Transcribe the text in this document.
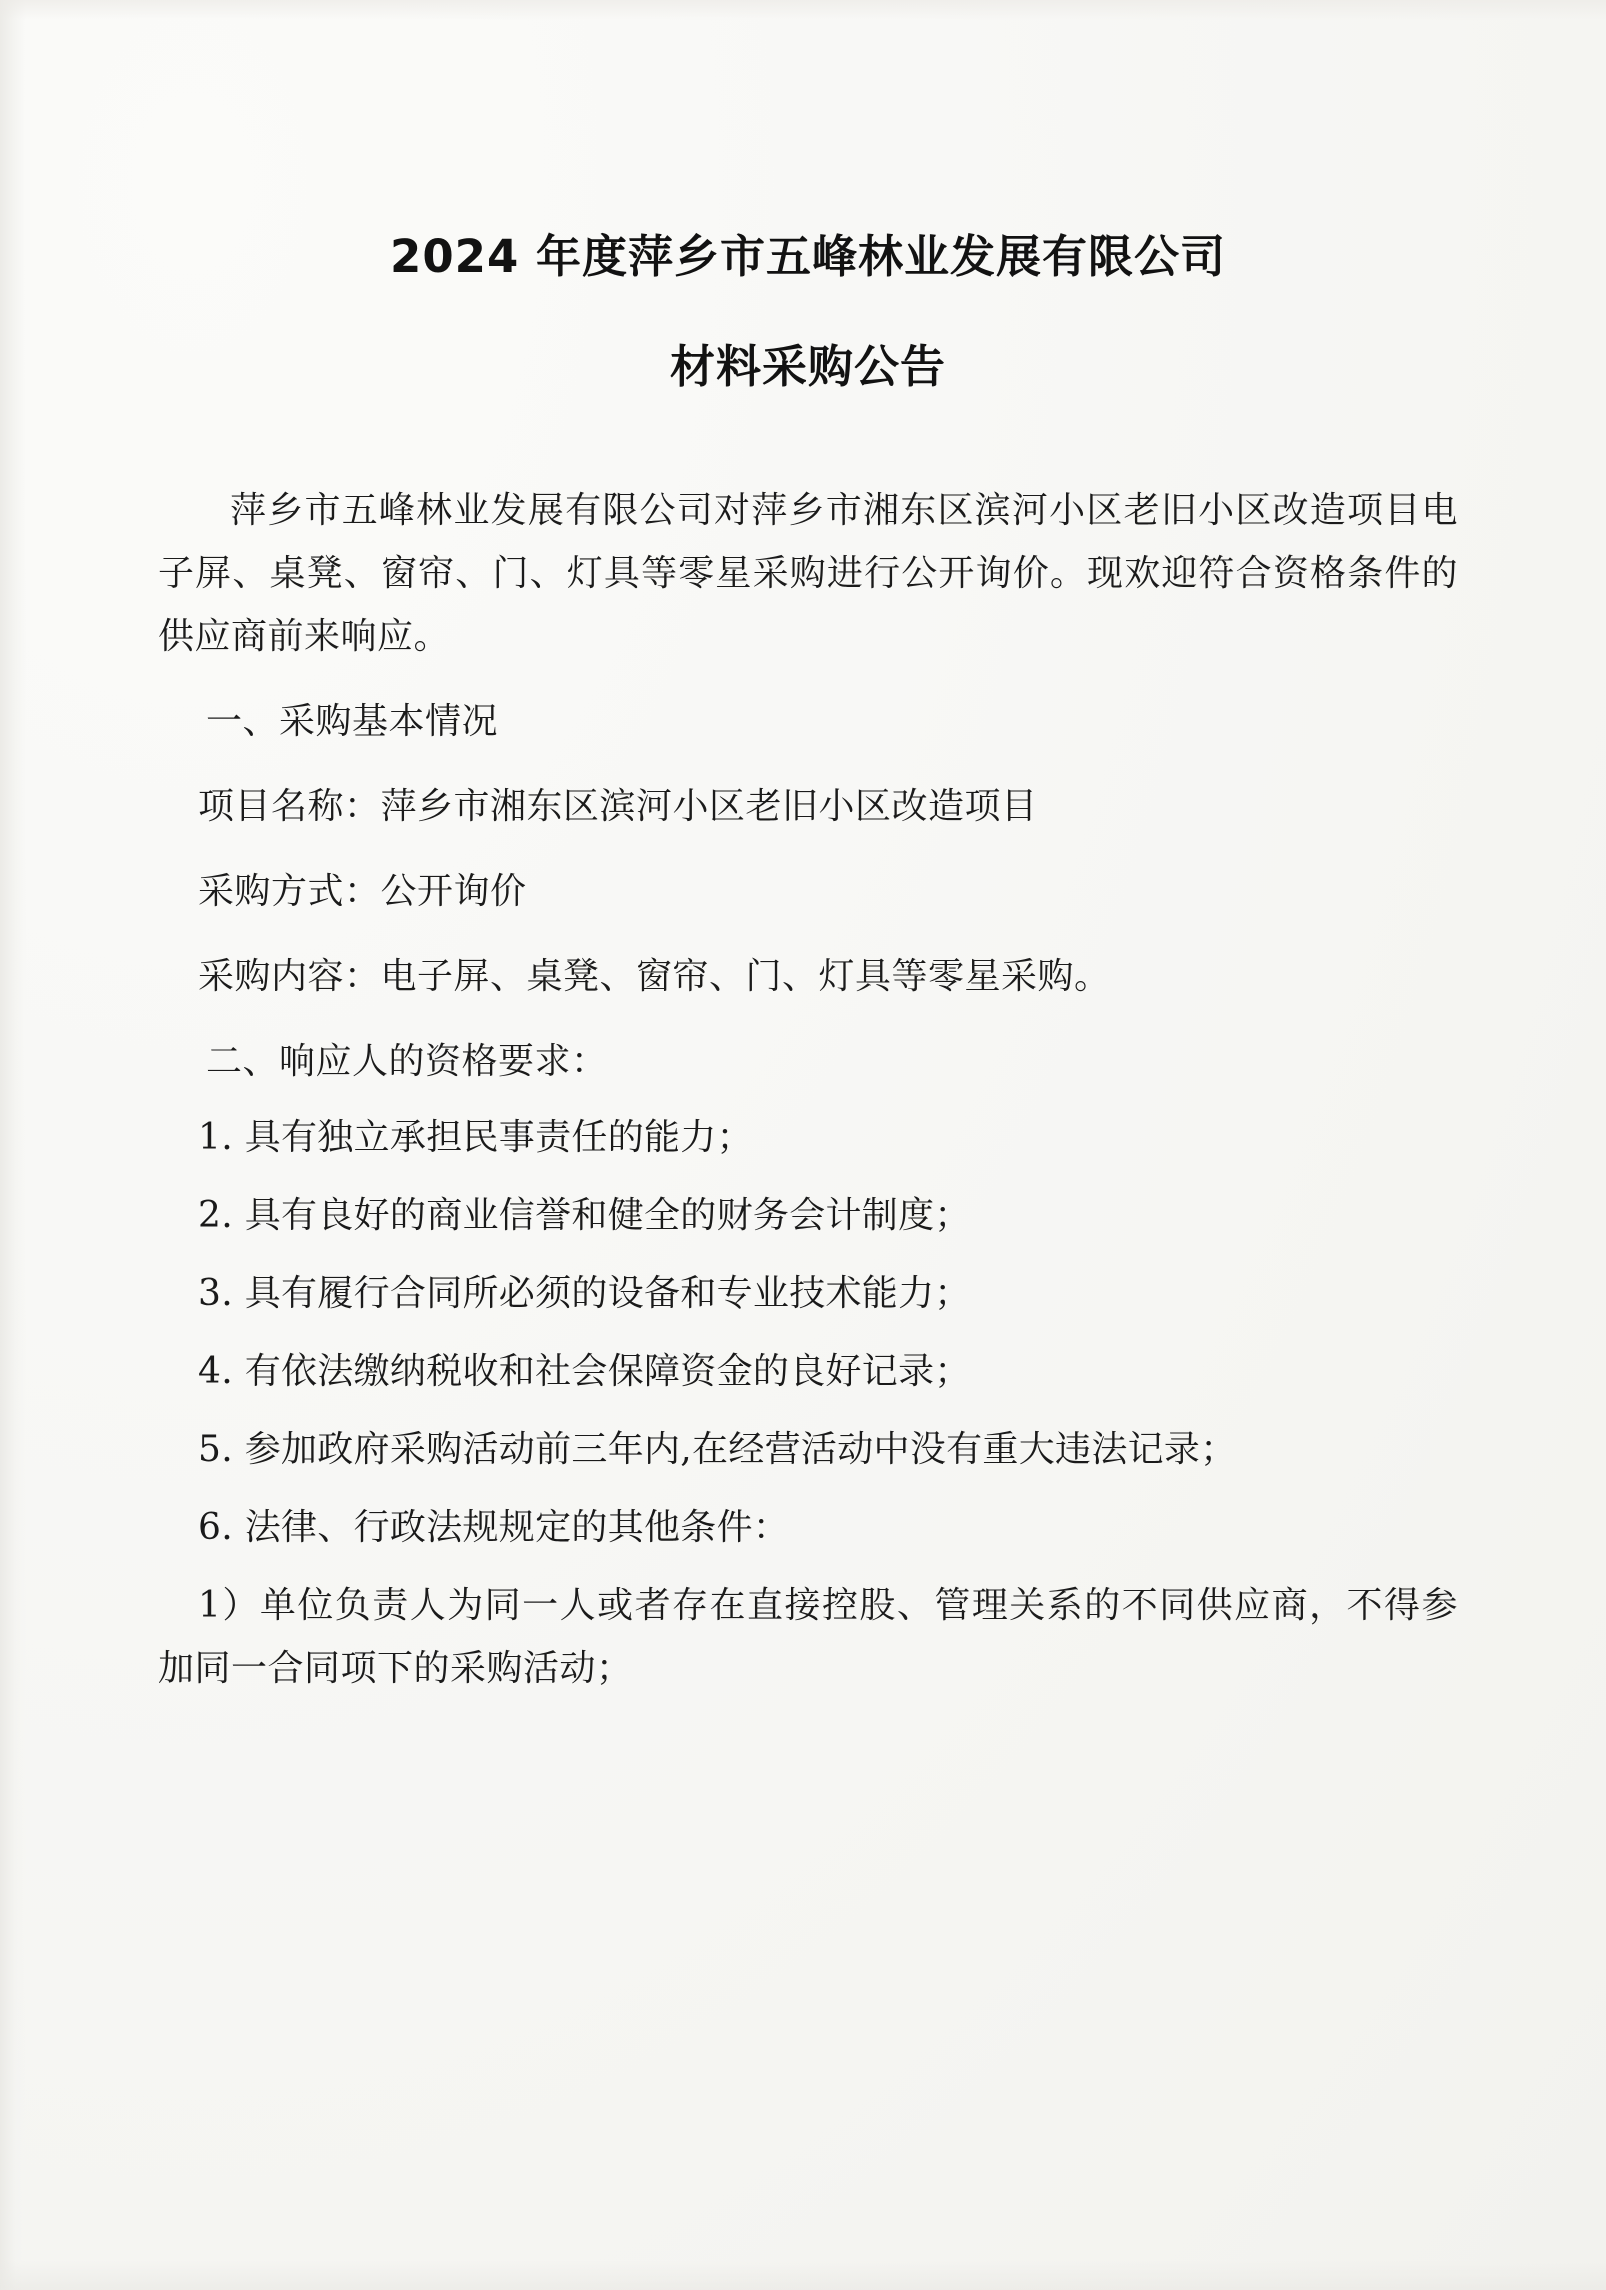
2024 年度萍乡市五峰林业发展有限公司
材料采购公告

萍乡市五峰林业发展有限公司对萍乡市湘东区滨河小区老旧小区改造项目电子屏、桌凳、窗帘、门、灯具等零星采购进行公开询价。现欢迎符合资格条件的供应商前来响应。

一、采购基本情况

项目名称：萍乡市湘东区滨河小区老旧小区改造项目

采购方式：公开询价

采购内容：电子屏、桌凳、窗帘、门、灯具等零星采购。

二、响应人的资格要求：

1. 具有独立承担民事责任的能力；

2. 具有良好的商业信誉和健全的财务会计制度；

3. 具有履行合同所必须的设备和专业技术能力；

4. 有依法缴纳税收和社会保障资金的良好记录；

5. 参加政府采购活动前三年内,在经营活动中没有重大违法记录；

6. 法律、行政法规规定的其他条件：

1）单位负责人为同一人或者存在直接控股、管理关系的不同供应商，不得参加同一合同项下的采购活动；
